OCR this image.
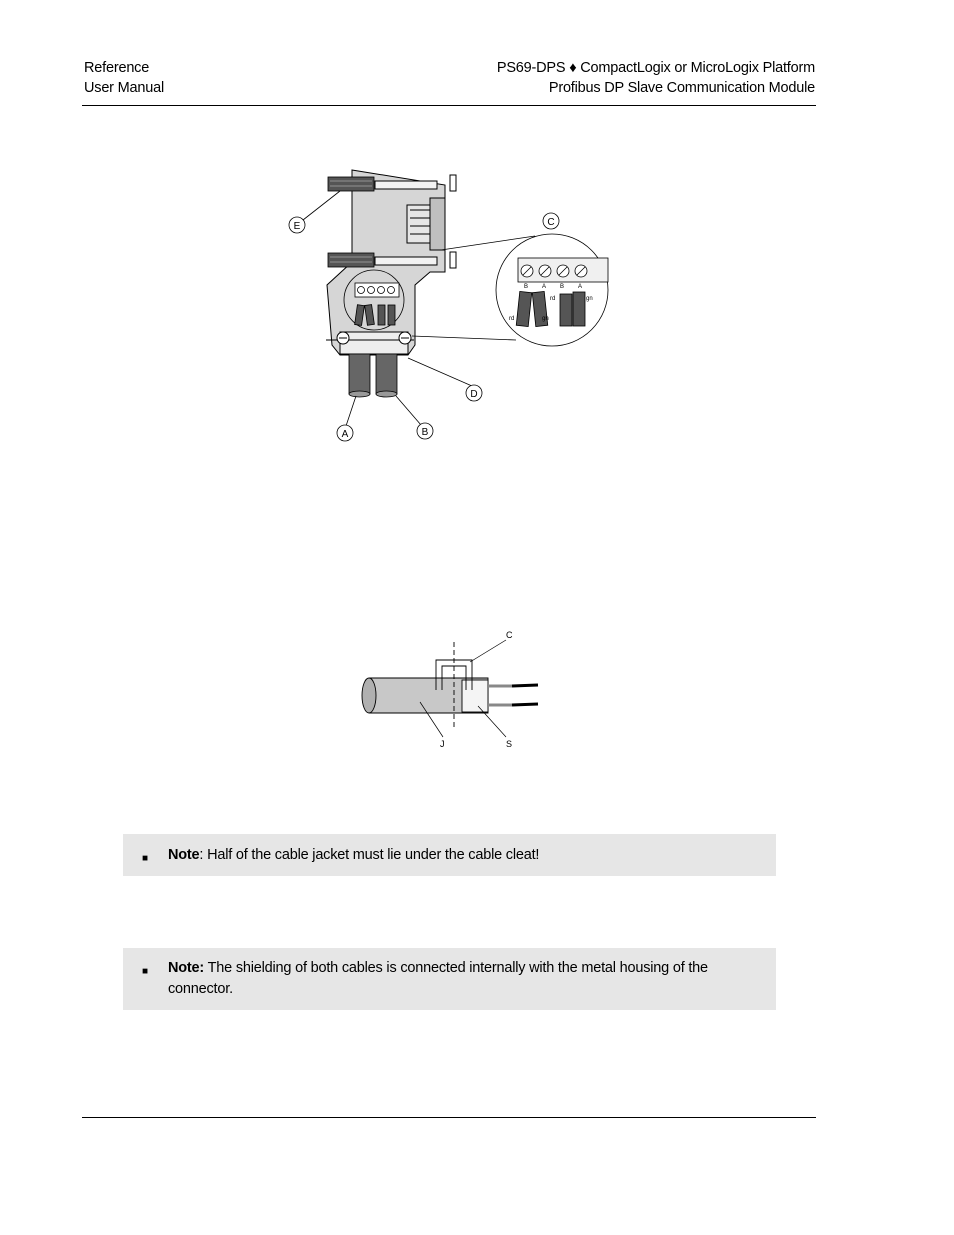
Reference
User Manual
PS69-DPS ♦ CompactLogix or MicroLogix Platform
Profibus DP Slave Communication Module
B A B A
rd	gn
rd	gn
E	C
D
A	B
C
J	S
■ Note: Half of the cable jacket must lie under the cable cleat!
■ Note: The shielding of both cables is connected internally with the metal housing of the connector.
